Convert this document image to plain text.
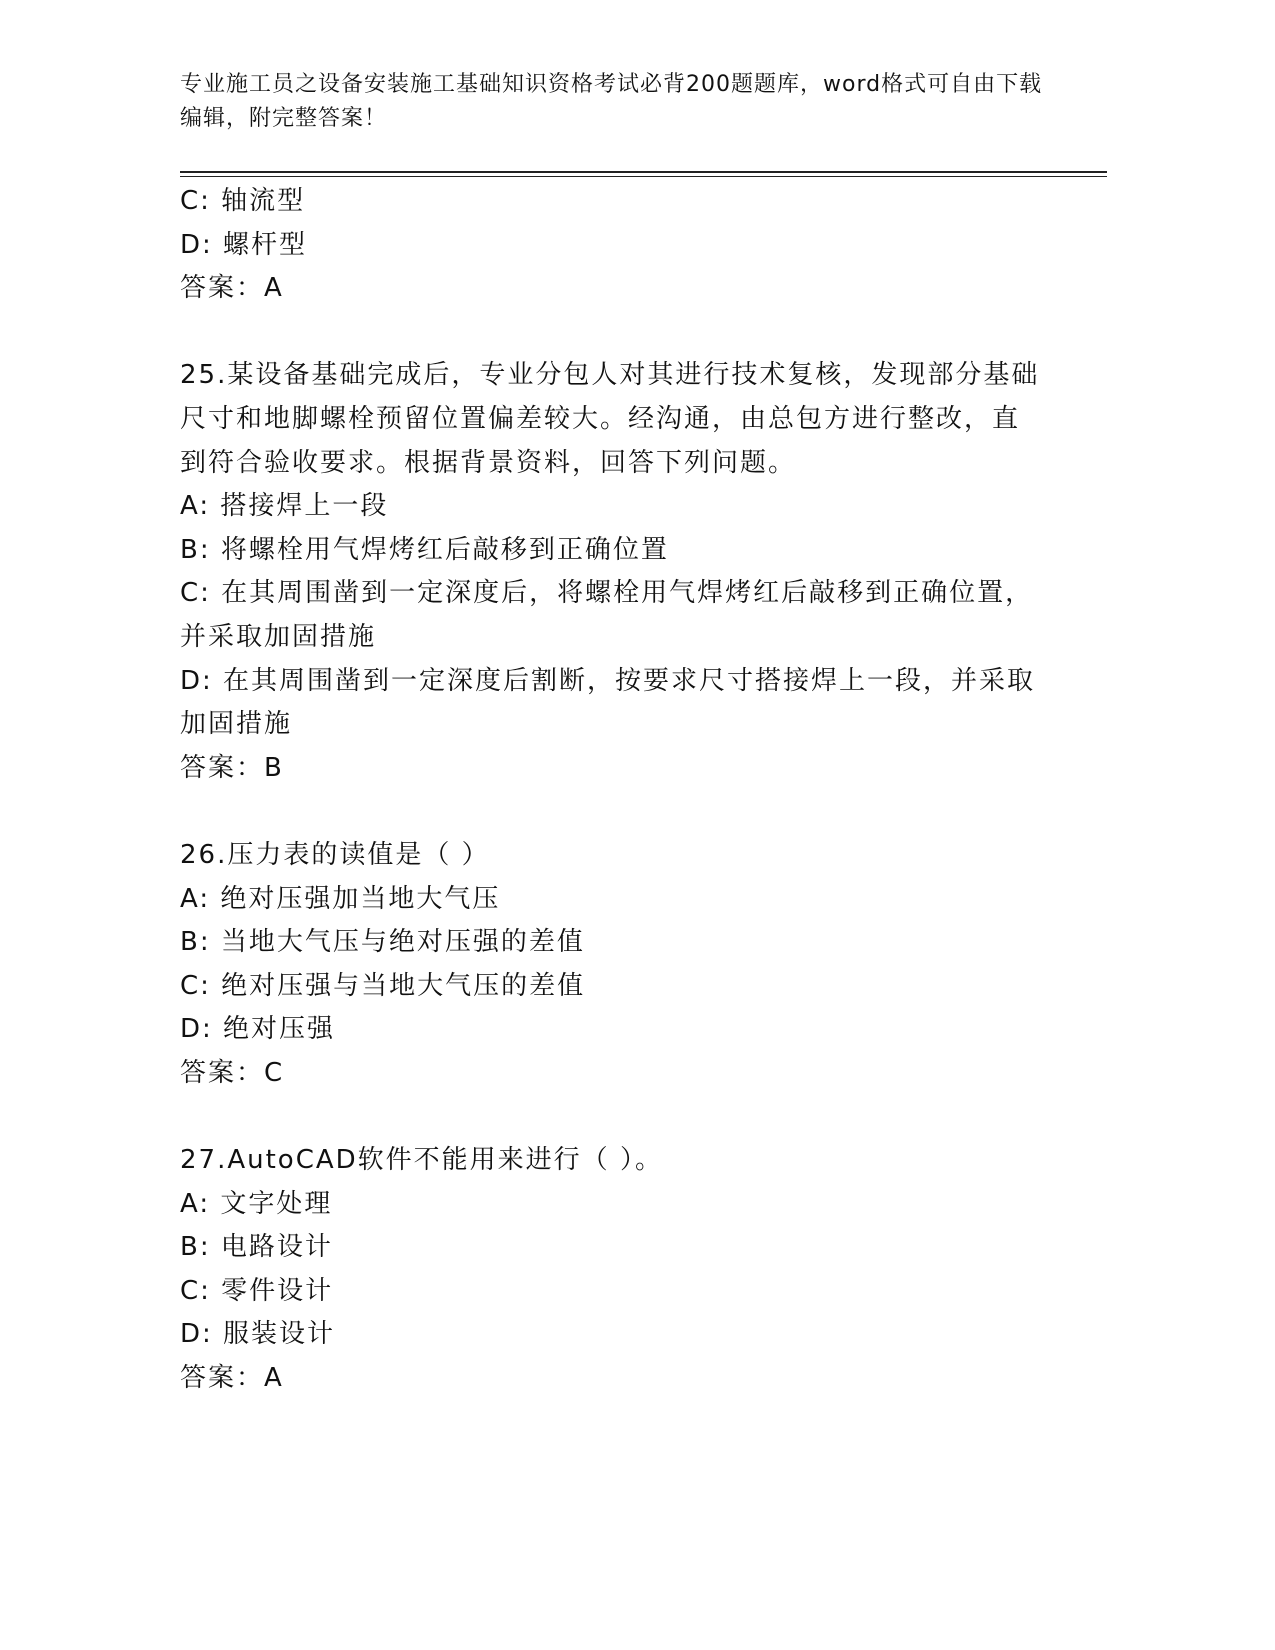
专业施工员之设备安装施工基础知识资格考试必背200题题库，word格式可自由下载编辑，附完整答案！

C: 轴流型

D: 螺杆型

答案：A

25.某设备基础完成后，专业分包人对其进行技术复核，发现部分基础尺寸和地脚螺栓预留位置偏差较大。经沟通，由总包方进行整改，直到符合验收要求。根据背景资料，回答下列问题。

A: 搭接焊上一段

B: 将螺栓用气焊烤红后敲移到正确位置

C: 在其周围凿到一定深度后，将螺栓用气焊烤红后敲移到正确位置，并采取加固措施

D: 在其周围凿到一定深度后割断，按要求尺寸搭接焊上一段，并采取加固措施

答案：B

26.压力表的读值是（ ）

A: 绝对压强加当地大气压

B: 当地大气压与绝对压强的差值

C: 绝对压强与当地大气压的差值

D: 绝对压强

答案：C

27.AutoCAD软件不能用来进行（ ）。

A: 文字处理

B: 电路设计

C: 零件设计

D: 服装设计

答案：A
